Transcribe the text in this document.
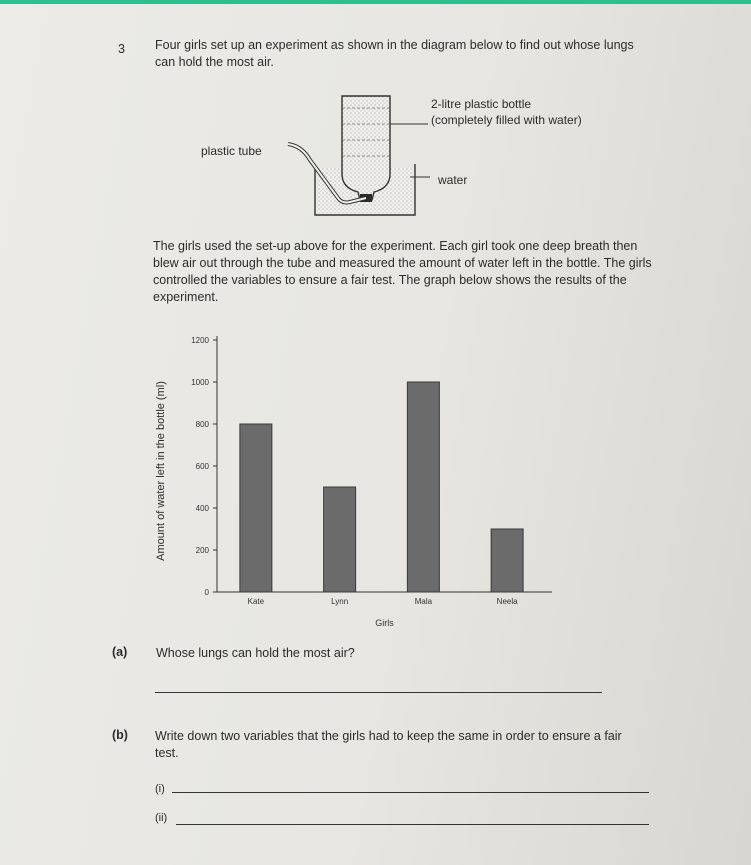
3 Four girls set up an experiment as shown in the diagram below to find out whose lungs can hold the most air.
2-litre plastic bottle
(completely filled with water)
plastic tube
water
The girls used the set-up above for the experiment. Each girl took one deep breath then blew air out through the tube and measured the amount of water left in the bottle. The girls controlled the variables to ensure a fair test. The graph below shows the results of the experiment.
0
200
400
600
800
1000
1200
Amount of water left in the bottle (ml)
Kate	Lynn	Mala	Neela
Girls
(a) Whose lungs can hold the most air?
(b) Write down two variables that the girls had to keep the same in order to ensure a fair test.
(i)
(ii)
